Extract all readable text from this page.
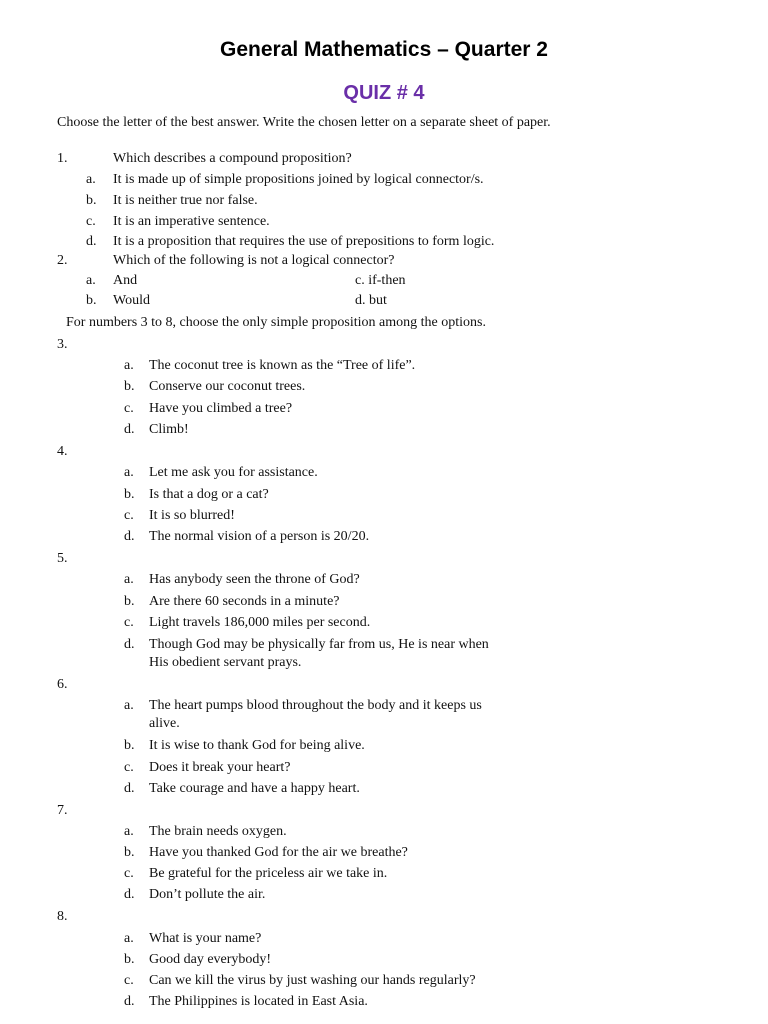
General Mathematics – Quarter 2
QUIZ # 4
Choose the letter of the best answer. Write the chosen letter on a separate sheet of paper.
1.	Which describes a compound proposition?
a. It is made up of simple propositions joined by logical connector/s.
b. It is neither true nor false.
c. It is an imperative sentence.
d. It is a proposition that requires the use of prepositions to form logic.
2.	Which of the following is not a logical connector?
a. And	c. if-then
b. Would	d. but
For numbers 3 to 8, choose the only simple proposition among the options.
3.
a. The coconut tree is known as the “Tree of life”.
b. Conserve our coconut trees.
c. Have you climbed a tree?
d. Climb!
4.
a. Let me ask you for assistance.
b. Is that a dog or a cat?
c. It is so blurred!
d. The normal vision of a person is 20/20.
5.
a. Has anybody seen the throne of God?
b. Are there 60 seconds in a minute?
c. Light travels 186,000 miles per second.
d. Though God may be physically far from us, He is near when
His obedient servant prays.
6.
a. The heart pumps blood throughout the body and it keeps us
alive.
b. It is wise to thank God for being alive.
c. Does it break your heart?
d. Take courage and have a happy heart.
7.
a. The brain needs oxygen.
b. Have you thanked God for the air we breathe?
c. Be grateful for the priceless air we take in.
d. Don’t pollute the air.
8.
a. What is your name?
b. Good day everybody!
c. Can we kill the virus by just washing our hands regularly?
d. The Philippines is located in East Asia.
